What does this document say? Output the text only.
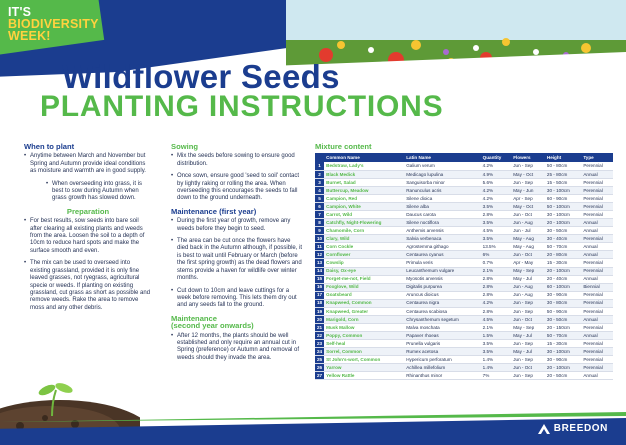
IT'S
BIODIVERSITY
WEEK!
Wildflower Seeds
PLANTING INSTRUCTIONS
When to plant
• Anytime between March and November but Spring and Autumn provide ideal conditions as moisture and warmth are in good supply.
• When overseeding into grass, it is best to sow during Autumn when grass growth has slowed down.
Preparation
• For best results, sow seeds into bare soil after clearing all existing plants and weeds from the area. Loosen the soil to a depth of 10cm to reduce hard spots and make the surface smooth and even.
• The mix can be used to overseed into existing grassland, provided it is only fine leaved grasses, not ryegrass, agricultural specie or weeds. If planting on existing grassland, cut grass as short as possible and remove weeds. Rake the area to remove moss and any other debris.
Sowing
• Mix the seeds before sowing to ensure good distribution.
• Once sown, ensure good 'seed to soil' contact by lightly raking or rolling the area. When overseeding this encourages the seeds to fall down to the ground underneath.
Maintenance (first year)
• During the first year of growth, remove any weeds before they begin to seed.
• The area can be cut once the flowers have died back in the Autumn although, if possible, it is best to wait until February or March (before the first spring growth) as the dead flowers and stems provide a haven for wildlife over winter months.
• Cut down to 10cm and leave cuttings for a week before removing. This lets them dry out and any seeds fall to the ground.
Maintenance
(second year onwards)
• After 12 months, the plants should be well established and only require an annual cut in Spring (preference) or Autumn and removal of weeds should they invade the area.
Mixture content
	Common Name	Latin Name	Quantity	Flowers	Height	Type
1	Bedstraw, Lady's	Galium verum	4.2%	Jun - Sep	50 - 80cm	Perennial
2	Black Medick	Medicago lupulina	4.9%	May - Oct	25 - 80cm	Annual
3	Burnet, Salad	Sanguisorba minor	5.6%	Jun - Sep	15 - 50cm	Perennial
4	Buttercup, Meadow	Ranunculus acris	4.2%	May - Jun	30 - 100cm	Perennial
5	Campion, Red	Silene dioica	4.2%	Apr - Sep	60 - 90cm	Perennial
6	Campion, White	Silene alba	3.5%	May - Oct	50 - 100cm	Perennial
7	Carrot, Wild	Daucus carota	2.8%	Jun - Oct	30 - 100cm	Perennial
8	Catchfly, Night-Flowering	Silene noctiflora	3.5%	Jun - Aug	20 - 100cm	Annual
9	Chamomile, Corn	Anthemis arvensis	4.5%	Jun - Jul	30 - 50cm	Annual
10	Clary, Wild	Salvia verbenaca	3.5%	May - Aug	30 - 40cm	Perennial
11	Corn Cockle	Agrostemma githago	13.5%	May - Aug	50 - 70cm	Annual
12	Cornflower	Centaurea cyanus	6%	Jun - Oct	20 - 80cm	Annual
13	Cowslip	Primula veris	0.7%	Apr - May	15 - 30cm	Perennial
14	Daisy, Ox-eye	Leucanthemum vulgare	2.1%	May - Sep	20 - 100cm	Perennial
15	Forget-me-not, Field	Myosotis arvensis	2.8%	May - Jul	20 - 40cm	Annual
16	Foxglove, Wild	Digitalis purpurea	2.8%	Jun - Aug	60 - 100cm	Biennial
17	Goatsbeard	Aruncus dioicus	2.8%	Jun - Aug	30 - 90cm	Perennial
18	Knapweed, Common	Centaurea nigra	4.2%	Jun - Sep	30 - 80cm	Perennial
19	Knapweed, Greater	Centaurea scabiosa	2.8%	Jun - Sep	50 - 90cm	Perennial
20	Marigold, Corn	Chrysanthemum segetum	4.5%	Jun - Oct	30 - 50cm	Annual
21	Musk Mallow	Malva moschata	2.1%	May - Sep	20 - 150cm	Perennial
22	Poppy, Common	Papaver rhoeas	1.5%	May - Jul	50 - 70cm	Annual
23	Self-heal	Prunella vulgaris	3.5%	Jun - Sep	15 - 30cm	Perennial
24	Sorrel, Common	Rumex acetosa	3.5%	May - Jul	30 - 100cm	Perennial
25	St John's-wort, Common	Hypericum perforatum	1.4%	Jun - Sep	30 - 90cm	Perennial
26	Yarrow	Achillea millefolium	1.4%	Jun - Oct	20 - 100cm	Perennial
27	Yellow Rattle	Rhinanthus minor	7%	Jun - Sep	20 - 50cm	Annual
BREEDON
